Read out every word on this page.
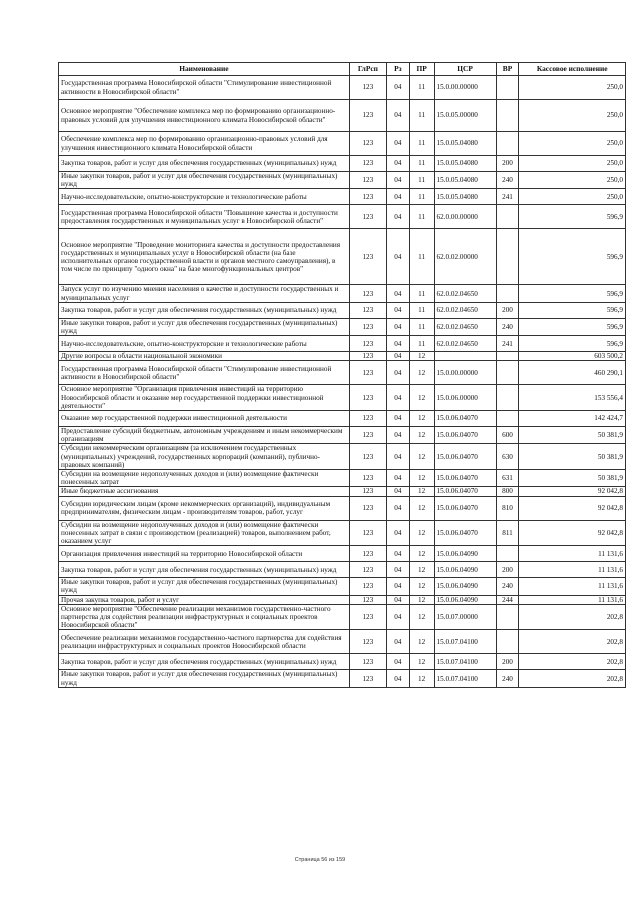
Наименование	ГлРсп	Рз	ПР	ЦСР	ВР	Кассовое исполнение
Государственная программа Новосибирской области "Стимулирование инвестиционной активности в Новосибирской области"	123	04	11	15.0.00.00000		250,0
Основное мероприятие "Обеспечение комплекса мер по формированию организационно-правовых условий для улучшения инвестиционного климата Новосибирской области"	123	04	11	15.0.05.00000		250,0
Обеспечение комплекса мер по формированию организационно-правовых условий для улучшения инвестиционного климата Новосибирской области	123	04	11	15.0.05.04080		250,0
Закупка товаров, работ и услуг для обеспечения государственных (муниципальных) нужд	123	04	11	15.0.05.04080	200	250,0
Иные закупки товаров, работ и услуг для обеспечения государственных (муниципальных) нужд	123	04	11	15.0.05.04080	240	250,0
Научно-исследовательские, опытно-конструкторские и технологические работы	123	04	11	15.0.05.04080	241	250,0
Государственная программа Новосибирской области "Повышение качества и доступности предоставления государственных и муниципальных услуг в Новосибирской области"	123	04	11	62.0.00.00000		596,9
Основное мероприятие "Проведение мониторинга качества и доступности предоставления государственных и муниципальных услуг в Новосибирской области (на базе исполнительных органов государственной власти и органов местного самоуправления), в том числе по принципу "одного окна" на базе многофункциональных центров"	123	04	11	62.0.02.00000		596,9
Запуск услуг по изучению мнения населения о качестве и доступности государственных и муниципальных услуг	123	04	11	62.0.02.04650		596,9
Закупка товаров, работ и услуг для обеспечения государственных (муниципальных) нужд	123	04	11	62.0.02.04650	200	596,9
Иные закупки товаров, работ и услуг для обеспечения государственных (муниципальных) нужд	123	04	11	62.0.02.04650	240	596,9
Научно-исследовательские, опытно-конструкторские и технологические работы	123	04	11	62.0.02.04650	241	596,9
Другие вопросы в области национальной экономики	123	04	12			603 500,2
Государственная программа Новосибирской области "Стимулирование инвестиционной активности в Новосибирской области"	123	04	12	15.0.00.00000		460 290,1
Основное мероприятие "Организация привлечения инвестиций на территорию Новосибирской области и оказание мер государственной поддержки инвестиционной деятельности"	123	04	12	15.0.06.00000		153 556,4
Оказание мер государственной поддержки инвестиционной деятельности	123	04	12	15.0.06.04070		142 424,7
Предоставление субсидий бюджетным, автономным учреждениям и иным некоммерческим организациям	123	04	12	15.0.06.04070	600	50 381,9
Субсидии некоммерческим организациям (за исключением государственных (муниципальных) учреждений, государственных корпораций (компаний), публично-правовых компаний)	123	04	12	15.0.06.04070	630	50 381,9
Субсидии на возмещение недополученных доходов и (или) возмещение фактически понесенных затрат	123	04	12	15.0.06.04070	631	50 381,9
Иные бюджетные ассигнования	123	04	12	15.0.06.04070	800	92 042,8
Субсидии юридическим лицам (кроме некоммерческих организаций), индивидуальным предпринимателям, физическим лицам - производителям товаров, работ, услуг	123	04	12	15.0.06.04070	810	92 042,8
Субсидии на возмещение недополученных доходов и (или) возмещение фактически понесенных затрат в связи с производством (реализацией) товаров, выполнением работ, оказанием услуг	123	04	12	15.0.06.04070	811	92 042,8
Организация привлечения инвестиций на территорию Новосибирской области	123	04	12	15.0.06.04090		11 131,6
Закупка товаров, работ и услуг для обеспечения государственных (муниципальных) нужд	123	04	12	15.0.06.04090	200	11 131,6
Иные закупки товаров, работ и услуг для обеспечения государственных (муниципальных) нужд	123	04	12	15.0.06.04090	240	11 131,6
Прочая закупка товаров, работ и услуг	123	04	12	15.0.06.04090	244	11 131,6
Основное мероприятие "Обеспечение реализации механизмов государственно-частного партнерства для содействия реализации инфраструктурных и социальных проектов Новосибирской области"	123	04	12	15.0.07.00000		202,8
Обеспечение реализации механизмов государственно-частного партнерства для содействия реализации инфраструктурных и социальных проектов Новосибирской области	123	04	12	15.0.07.04100		202,8
Закупка товаров, работ и услуг для обеспечения государственных (муниципальных) нужд	123	04	12	15.0.07.04100	200	202,8
Иные закупки товаров, работ и услуг для обеспечения государственных (муниципальных) нужд	123	04	12	15.0.07.04100	240	202,8
Страница 56 из 159
